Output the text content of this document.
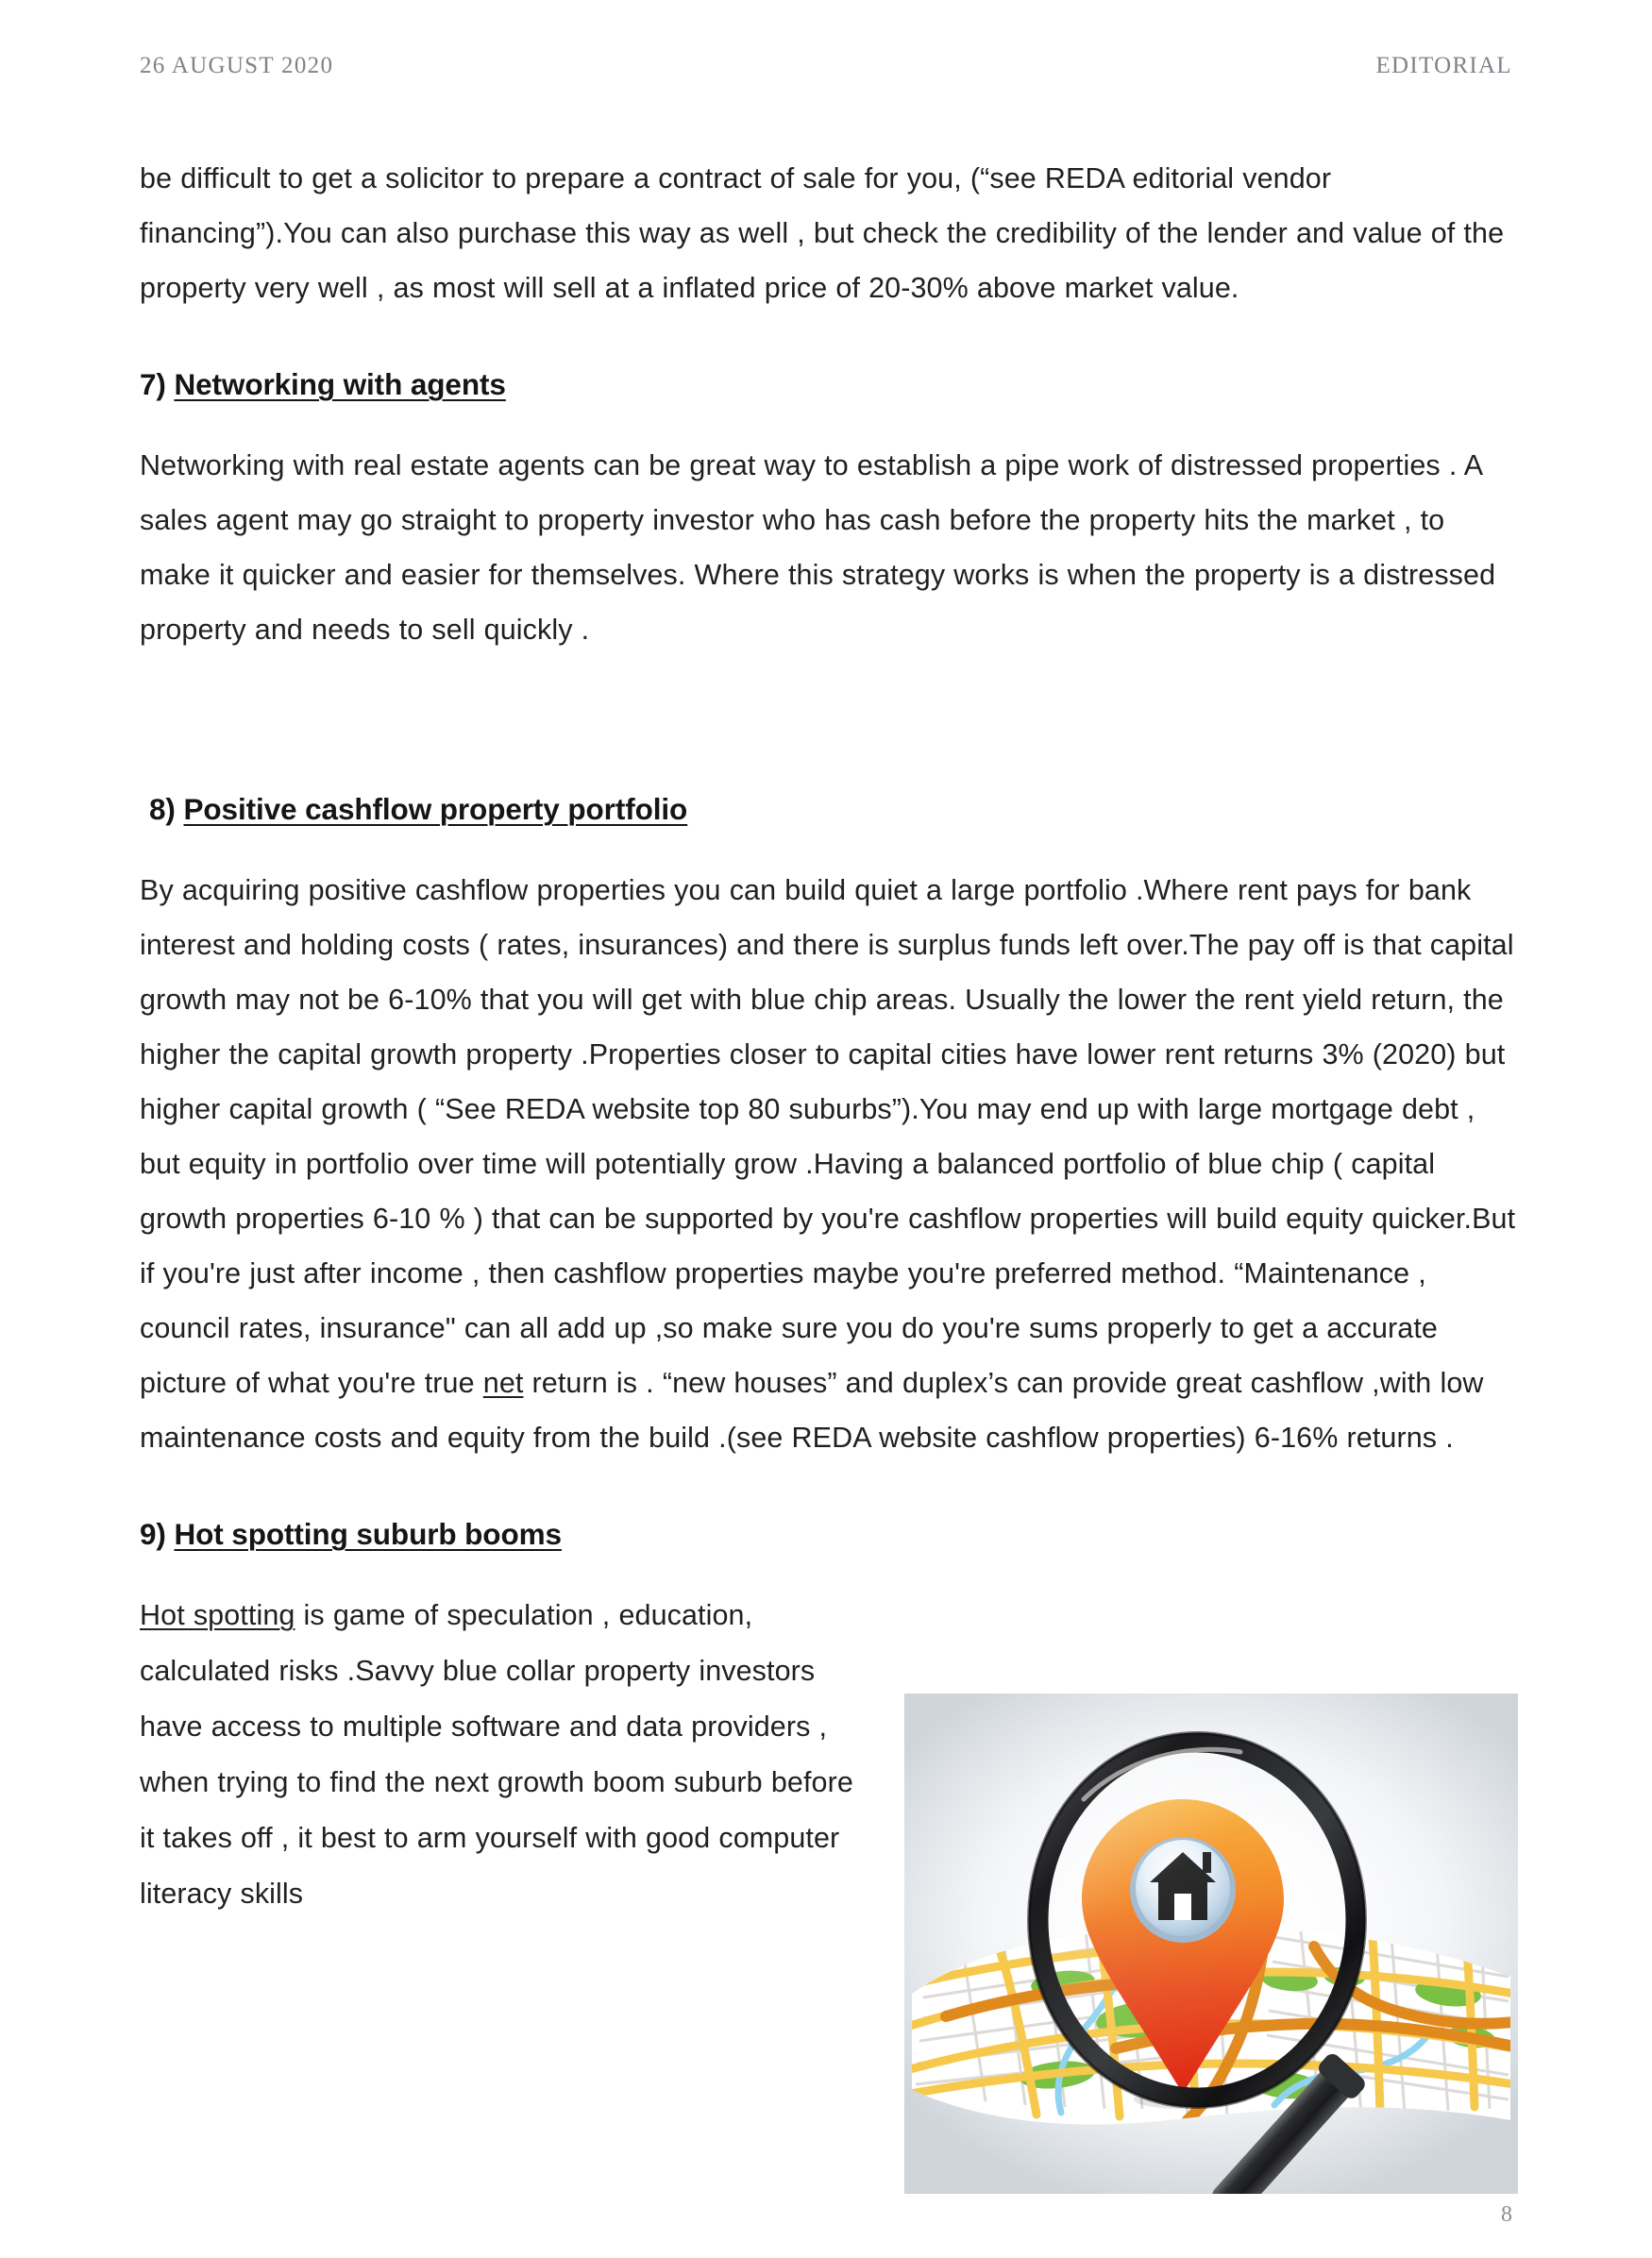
26 AUGUST 2020	EDITORIAL

be difficult to get a solicitor to prepare a contract of sale for you, (“see REDA editorial vendor financing”).You can also purchase this way as well , but check the credibility of the lender and value of the property very well , as most will sell at a inflated price of 20-30% above market value.

7) Networking with agents

Networking with real estate agents can be great way to establish a pipe work of distressed properties . A sales agent may go straight to property investor who has cash before the property hits the market , to make it quicker and easier for themselves. Where this strategy works is when the property is a distressed property and needs to sell quickly .

8) Positive cashflow property portfolio

By acquiring positive cashflow properties you can build quiet a large portfolio .Where rent pays for bank interest and holding costs ( rates, insurances) and there is surplus funds left over.The pay off is that capital growth may not be 6-10% that you will get with blue chip areas. Usually the lower the rent yield return, the higher the capital growth property .Properties closer to capital cities have lower rent returns 3% (2020) but higher capital growth ( “See REDA website top 80 suburbs”).You may end up with large mortgage debt , but equity in portfolio over time will potentially grow .Having a balanced portfolio of blue chip ( capital growth properties 6-10 % ) that can be supported by you're cashflow properties will build equity quicker.But if you're just after income , then cashflow properties maybe you're preferred method. “Maintenance , council rates, insurance" can all add up ,so make sure you do you're sums properly to get a accurate picture of what you're true net return is . “new houses” and duplex’s can provide great cashflow ,with low maintenance costs and equity from the build .(see REDA website cashflow properties) 6-16% returns .

9) Hot spotting suburb booms

Hot spotting is game of speculation , education, calculated risks .Savvy blue collar property investors have access to multiple software and data providers , when trying to find the next growth boom suburb before it takes off , it best to arm yourself with good computer literacy skills

8
